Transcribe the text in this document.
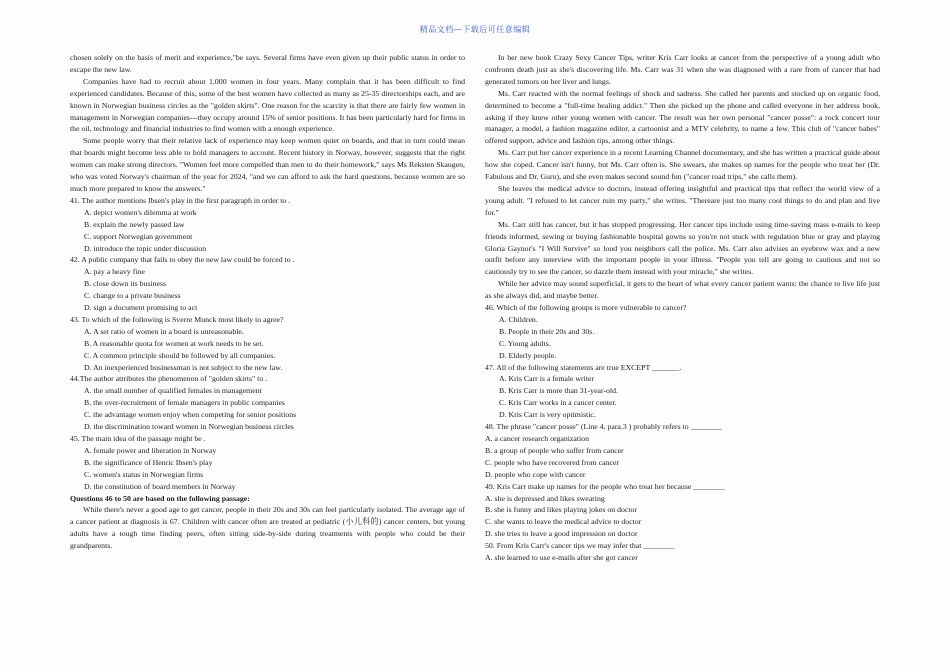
精品文档—下载后可任意编辑
chosen solely on the basis of merit and experience,"be says. Several firms have even given up their public status in order to escape the new law.
Companies have had to recruit about 1,000 women in four years. Many complain that it has been difficult to find experienced candidates. Because of this, some of the best women have collected as many as 25-35 directorships each, and are known in Norwegian business circles as the "golden skirts". One reason for the scarcity is that there are fairly few women in management in Norwegian companies---they occupy around 15% of senior positions. It has been particularly hard for firms in the oil, technology and financial industries to find women with a enough experience.
Some people worry that their relative lack of experience may keep women quiet on boards, and that in turn could mean that boards might become less able to hold managers to account. Recent history in Norway, however, suggests that the right women can make strong directors. "Women feel more compelled than men to do their homework," says Ms Reksten Skaugen, who was voted Norway's chairman of the year for 2024, "and we can afford to ask the hard questions, because women are so much more prepared to know the answers."
41. The author mentions Ibsen's play in the first paragraph in order to .
A. depict women's dilemma at work
B. explain the newly passed law
C. support Norwegian government
D. introduce the topic under discussion
42. A public company that fails to obey the new law could be forced to .
A. pay a heavy fine
B. close down its business
C. change to a private business
D. sign a document promising to act
43. To which of the following is Sverre Munck most likely to agree?
A. A set ratio of women in a board is unreasonable.
B. A reasonable quota for women at work needs to be set.
C. A common principle should be followed by all companies.
D. An inexperienced businessman is not subject to the new law.
44.The author attributes the phenomenon of "golden skirts" to .
A. the small number of qualified females in management
B. the over-recruitment of female managers in public companies
C. the advantage women enjoy when competing for senior positions
D. the discrimination toward women in Norwegian business circles
45. The main idea of the passage might be .
A. female power and liberation in Norway
B. the significance of Henric Ibsen's play
C. women's status in Norwegian firms
D. the constitution of board members in Norway
Questions 46 to 50 are based on the following passage:
While there's never a good age to get cancer, people in their 20s and 30s can feel particularly isolated. The average age of a cancer patient at diagnosis is 67. Children with cancer often are treated at pediatric (小儿科的) cancer centers, but young adults have a tough time finding peers, often sitting side-by-side during treatments with people who could be their grandparents.
In her new book Crazy Sexy Cancer Tips, writer Kris Carr looks at cancer from the perspective of a young adult who confronts death just as she's discovering life. Ms. Carr was 31 when she was diagnosed with a rare from of cancer that had generated tumors on her liver and lungs.
Ms. Carr reacted with the normal feelings of shock and sadness. She called her parents and stocked up on organic food, determined to become a "full-time healing addict." Then she picked up the phone and called everyone in her address book, asking if they knew other young women with cancer. The result was her own personal "cancer posse": a rock concert tour manager, a model, a fashion magazine editor, a cartoonist and a MTV celebrity, to name a few. This club of "cancer babes" offered support, advice and fashion tips, among other things.
Ms. Carr put her cancer experience in a recent Learning Channel documentary, and she has written a practical guide about how she coped. Cancer isn't funny, but Ms. Carr often is. She swears, she makes up names for the people who treat her (Dr. Fabulous and Dr. Guru), and she even makes second sound fun ("cancer road trips," she calls them).
She leaves the medical advice to doctors, instead offering insightful and practical tips that reflect the world view of a young adult. "I refused to let cancer ruin my party," she writes. "Thereare just too many cool things to do and plan and live for."
Ms. Carr still has cancer, but it has stopped progressing. Her cancer tips include using time-saving mass e-mails to keep friends informed, sewing or buying fashionable hospital gowns so you're not stuck with regulation blue or gray and playing Gloria Gaynor's "I Will Survive" so loud you neighbors call the police. Ms. Carr also advises an eyebrow wax and a new outfit before any interview with the important people in your illness. "People you tell are going to cautious and not so cautiously try to see the cancer, so dazzle them instead with your miracle," she writes.
While her advice may sound superficial, it gets to the heart of what every cancer patient wants: the chance to live life just as she always did, and maybe better.
46. Which of the following groups is more vulnerable to cancer?
A. Children.
B. People in their 20s and 30s.
C. Young adults.
D. Elderly people.
47. All of the following statements are true EXCEPT _______.
A. Kris Carr is a female writer
B. Kris Carr is more than 31-year-old.
C. Kris Carr works in a cancer center.
D. Kris Carr is very optimistic.
48. The phrase "cancer posse" (Line 4, para.3 ) probably refers to ________
A. a cancer research organization
B. a group of people who suffer from cancer
C. people who have recovered from cancer
D. people who cope with cancer
49. Kris Carr make up names for the people who treat her because ________
A. she is depressed and likes swearing
B. she is funny and likes playing jokes on doctor
C. she wants to leave the medical advice to doctor
D. she tries to leave a good impression on doctor
50. From Kris Carr's cancer tips we may infer that ________
A. she learned to use e-mails after she got cancer
